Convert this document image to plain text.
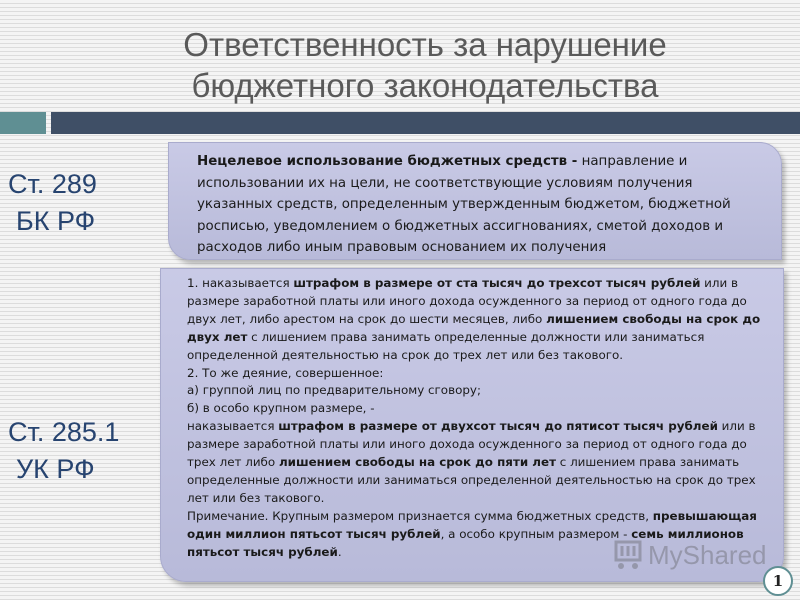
Ответственность за нарушение
бюджетного законодательства
Ст. 289
БК РФ
Ст. 285.1
УК РФ

Нецелевое использование бюджетных средств - направление и использовании их на цели, не соответствующие условиям получения указанных средств, определенным утвержденным бюджетом, бюджетной росписью, уведомлением о бюджетных ассигнованиях, сметой доходов и расходов либо иным правовым основанием их получения

1. наказывается штрафом в размере от ста тысяч до трехсот тысяч рублей или в размере заработной платы или иного дохода осужденного за период от одного года до двух лет, либо арестом на срок до шести месяцев, либо лишением свободы на срок до двух лет с лишением права занимать определенные должности или заниматься определенной деятельностью на срок до трех лет или без такового.

2. То же деяние, совершенное:

а) группой лиц по предварительному сговору;

б) в особо крупном размере, -

наказывается штрафом в размере от двухсот тысяч до пятисот тысяч рублей или в размере заработной платы или иного дохода осужденного за период от одного года до трех лет либо лишением свободы на срок до пяти лет с лишением права занимать определенные должности или заниматься определенной деятельностью на срок до трех лет или без такового.

Примечание. Крупным размером признается сумма бюджетных средств, превышающая один миллион пятьсот тысяч рублей, а особо крупным размером - семь миллионов пятьсот тысяч рублей.	MyShared
1
